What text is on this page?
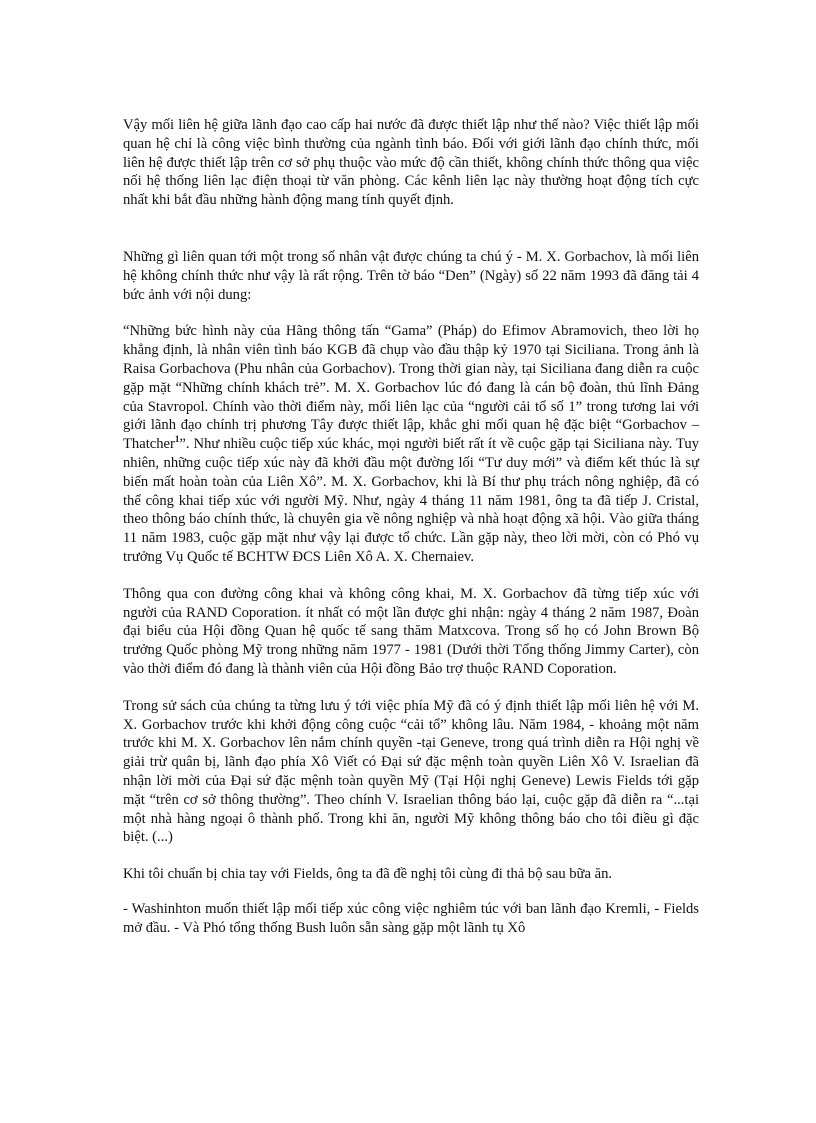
Vậy mối liên hệ giữa lãnh đạo cao cấp hai nước đã được thiết lập như thế nào? Việc thiết lập mối quan hệ chỉ là công việc bình thường của ngành tình báo. Đối với giới lãnh đạo chính thức, mối liên hệ được thiết lập trên cơ sở phụ thuộc vào mức độ cần thiết, không chính thức thông qua việc nối hệ thống liên lạc điện thoại từ văn phòng. Các kênh liên lạc này thường hoạt động tích cực nhất khi bắt đầu những hành động mang tính quyết định.

Những gì liên quan tới một trong số nhân vật được chúng ta chú ý - M. X. Gorbachov, là mối liên hệ không chính thức như vậy là rất rộng. Trên tờ báo “Den” (Ngày) số 22 năm 1993 đã đăng tải 4 bức ảnh với nội dung:

“Những bức hình này của Hãng thông tấn “Gama” (Pháp) do Efimov Abramovich, theo lời họ khẳng định, là nhân viên tình báo KGB đã chụp vào đầu thập kỷ 1970 tại Siciliana. Trong ảnh là Raisa Gorbachova (Phu nhân của Gorbachov). Trong thời gian này, tại Siciliana đang diễn ra cuộc gặp mặt “Những chính khách trẻ”. M. X. Gorbachov lúc đó đang là cán bộ đoàn, thủ lĩnh Đảng của Stavropol. Chính vào thời điểm này, mối liên lạc của “người cải tổ số 1” trong tương lai với giới lãnh đạo chính trị phương Tây được thiết lập, khắc ghi mối quan hệ đặc biệt “Gorbachov – Thatcher$^1$”. Như nhiều cuộc tiếp xúc khác, mọi người biết rất ít về cuộc gặp tại Siciliana này. Tuy nhiên, những cuộc tiếp xúc này đã khởi đầu một đường lối “Tư duy mới” và điểm kết thúc là sự biến mất hoàn toàn của Liên Xô”. M. X. Gorbachov, khi là Bí thư phụ trách nông nghiệp, đã có thể công khai tiếp xúc với người Mỹ. Như, ngày 4 tháng 11 năm 1981, ông ta đã tiếp J. Cristal, theo thông báo chính thức, là chuyên gia về nông nghiệp và nhà hoạt động xã hội. Vào giữa tháng 11 năm 1983, cuộc gặp mặt như vậy lại được tổ chức. Lần gặp này, theo lời mời, còn có Phó vụ trưởng Vụ Quốc tế BCHTW ĐCS Liên Xô A. X. Chernaiev.

Thông qua con đường công khai và không công khai, M. X. Gorbachov đã từng tiếp xúc với người của RAND Coporation. ít nhất có một lần được ghi nhận: ngày 4 tháng 2 năm 1987, Đoàn đại biểu của Hội đồng Quan hệ quốc tế sang thăm Matxcova. Trong số họ có John Brown Bộ trưởng Quốc phòng Mỹ trong những năm 1977 - 1981 (Dưới thời Tổng thống Jimmy Carter), còn vào thời điểm đó đang là thành viên của Hội đồng Bảo trợ thuộc RAND Coporation.

Trong sử sách của chúng ta từng lưu ý tới việc phía Mỹ đã có ý định thiết lập mối liên hệ với M. X. Gorbachov trước khi khởi động công cuộc “cải tổ” không lâu. Năm 1984, - khoảng một năm trước khi M. X. Gorbachov lên nắm chính quyền -tại Geneve, trong quá trình diễn ra Hội nghị về giải trừ quân bị, lãnh đạo phía Xô Viết có Đại sứ đặc mệnh toàn quyền Liên Xô V. Israelian đã nhận lời mời của Đại sứ đặc mệnh toàn quyền Mỹ (Tại Hội nghị Geneve) Lewis Fields tới gặp mặt “trên cơ sở thông thường”. Theo chính V. Israelian thông báo lại, cuộc gặp đã diễn ra “...tại một nhà hàng ngoại ô thành phố. Trong khi ăn, người Mỹ không thông báo cho tôi điều gì đặc biệt. (...)

Khi tôi chuẩn bị chia tay với Fields, ông ta đã đề nghị tôi cùng đi thả bộ sau bữa ăn.

- Washinhton muốn thiết lập mối tiếp xúc công việc nghiêm túc với ban lãnh đạo Kremli, - Fields mở đầu. - Và Phó tổng thống Bush luôn sẵn sàng gặp một lãnh tụ Xô
